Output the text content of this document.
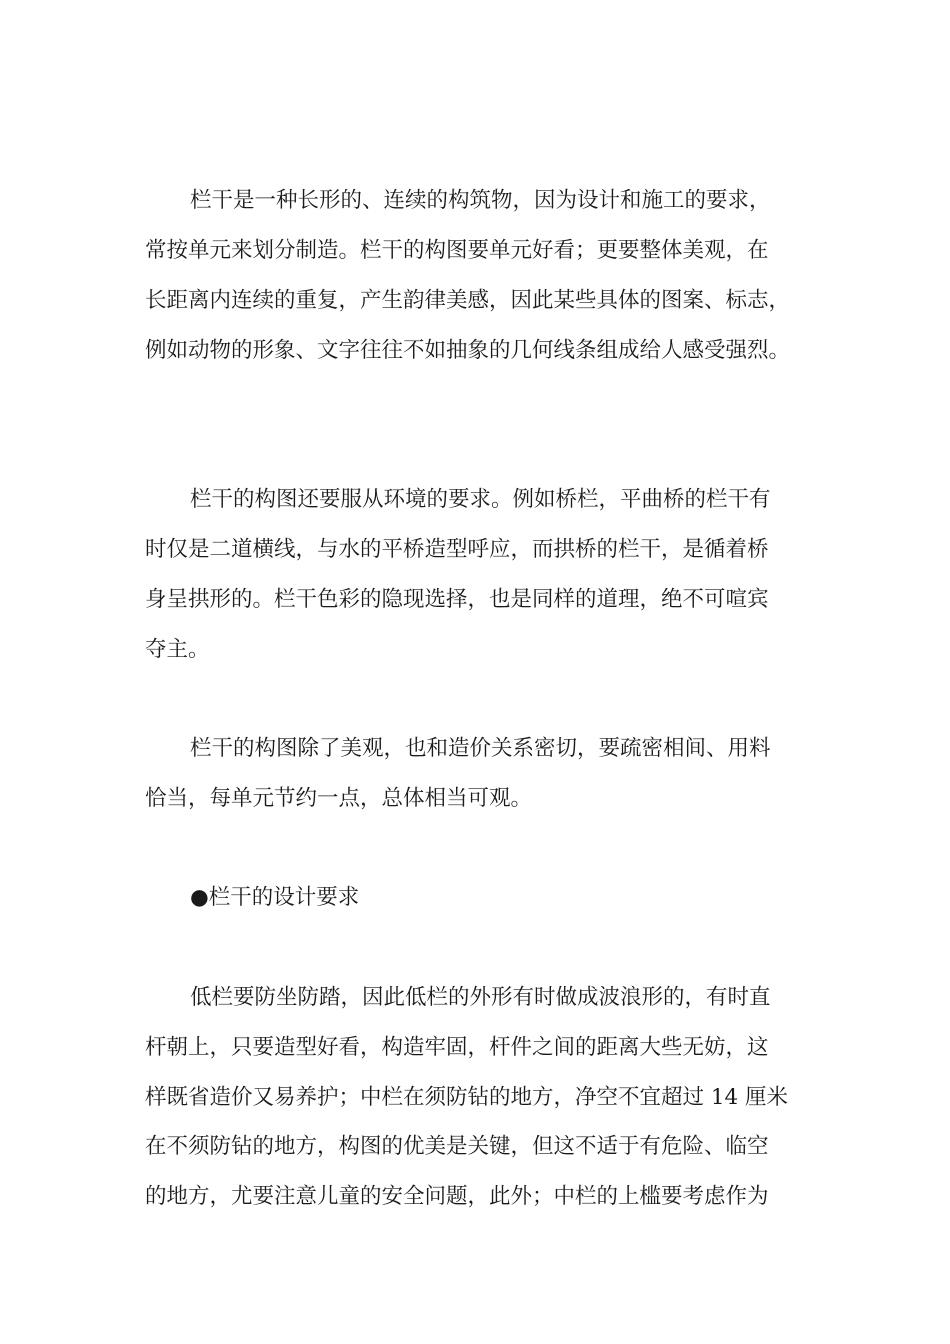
栏干是一种长形的、连续的构筑物，因为设计和施工的要求，
常按单元来划分制造。栏干的构图要单元好看；更要整体美观，在
长距离内连续的重复，产生韵律美感，因此某些具体的图案、标志，
例如动物的形象、文字往往不如抽象的几何线条组成给人感受强烈。
栏干的构图还要服从环境的要求。例如桥栏，平曲桥的栏干有
时仅是二道横线，与水的平桥造型呼应，而拱桥的栏干，是循着桥
身呈拱形的。栏干色彩的隐现选择，也是同样的道理，绝不可喧宾
夺主。
栏干的构图除了美观，也和造价关系密切，要疏密相间、用料
恰当，每单元节约一点，总体相当可观。
●栏干的设计要求
低栏要防坐防踏，因此低栏的外形有时做成波浪形的，有时直
杆朝上，只要造型好看，构造牢固，杆件之间的距离大些无妨，这
样既省造价又易养护；中栏在须防钻的地方，净空不宜超过 14 厘米
在不须防钻的地方，构图的优美是关键，但这不适于有危险、临空
的地方，尤要注意儿童的安全问题，此外；中栏的上槛要考虑作为
